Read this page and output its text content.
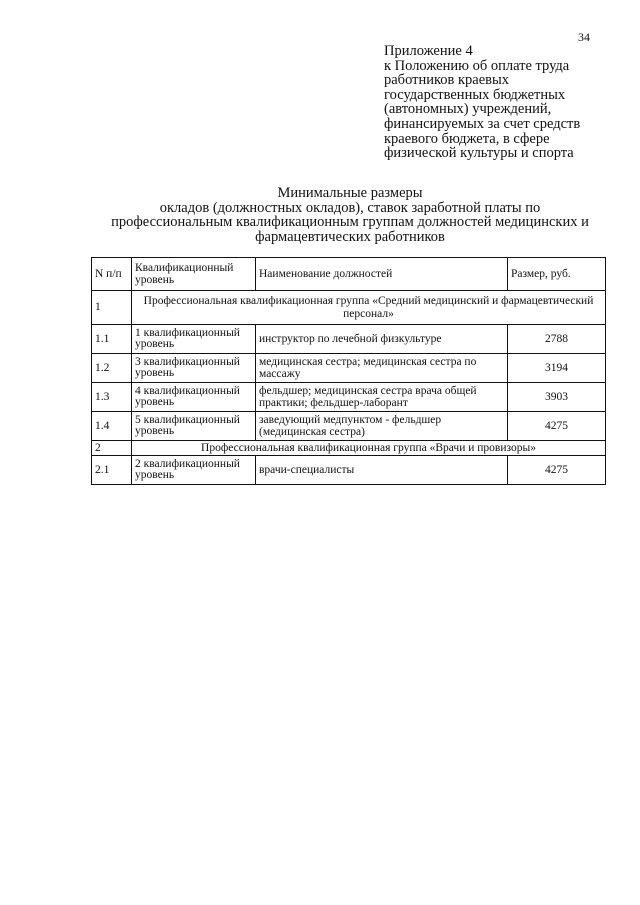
34
Приложение 4
к Положению об оплате труда
работников краевых
государственных бюджетных
(автономных) учреждений,
финансируемых за счет средств
краевого бюджета, в сфере
физической культуры и спорта
Минимальные размеры
окладов (должностных окладов), ставок заработной платы по
профессиональным квалификационным группам должностей медицинских и
фармацевтических работников
N п/п	Квалификационный уровень	Наименование должностей	Размер, руб.
1	Профессиональная квалификационная группа «Средний медицинский и фармацевтический персонал»		
1.1	1 квалификационный уровень	инструктор по лечебной физкультуре	2788
1.2	3 квалификационный уровень	медицинская сестра; медицинская сестра по массажу	3194
1.3	4 квалификационный уровень	фельдшер; медицинская сестра врача общей практики; фельдшер-лаборант	3903
1.4	5 квалификационный уровень	заведующий медпунктом - фельдшер (медицинская сестра)	4275
2	Профессиональная квалификационная группа «Врачи и провизоры»		
2.1	2 квалификационный уровень	врачи-специалисты	4275
